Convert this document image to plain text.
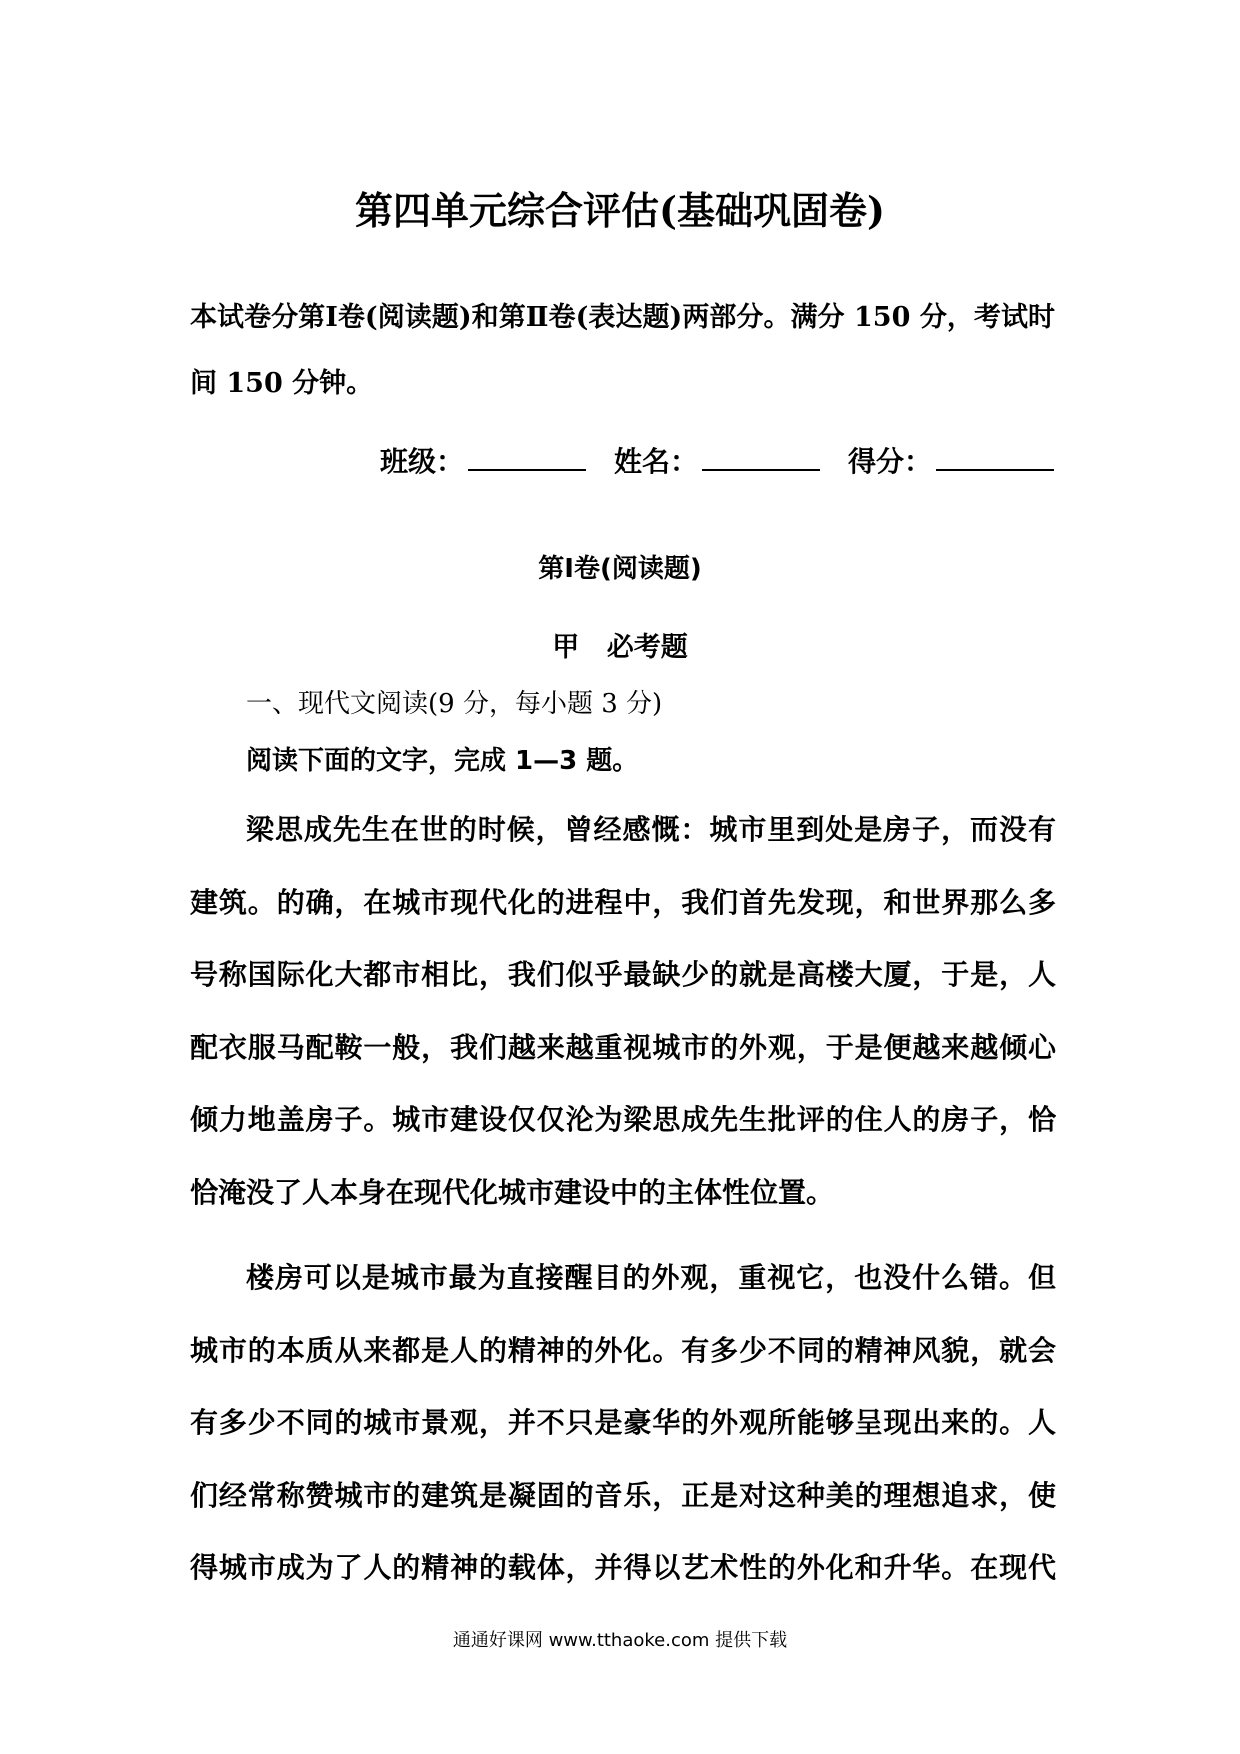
第四单元综合评估(基础巩固卷)
本试卷分第Ⅰ卷(阅读题)和第Ⅱ卷(表达题)两部分。满分 150 分，考试时间 150 分钟。
班级：	姓名：	得分：
第Ⅰ卷(阅读题)
甲 必考题
一、现代文阅读(9 分，每小题 3 分)
阅读下面的文字，完成 1—3 题。
梁思成先生在世的时候，曾经感慨：城市里到处是房子，而没有建筑。的确，在城市现代化的进程中，我们首先发现，和世界那么多号称国际化大都市相比，我们似乎最缺少的就是高楼大厦，于是，人配衣服马配鞍一般，我们越来越重视城市的外观，于是便越来越倾心倾力地盖房子。城市建设仅仅沦为梁思成先生批评的住人的房子，恰恰淹没了人本身在现代化城市建设中的主体性位置。
楼房可以是城市最为直接醒目的外观，重视它，也没什么错。但城市的本质从来都是人的精神的外化。有多少不同的精神风貌，就会有多少不同的城市景观，并不只是豪华的外观所能够呈现出来的。人们经常称赞城市的建筑是凝固的音乐，正是对这种美的理想追求，使得城市成为了人的精神的载体，并得以艺术性的外化和升华。在现代
通通好课网 www.tthaoke.com 提供下载
